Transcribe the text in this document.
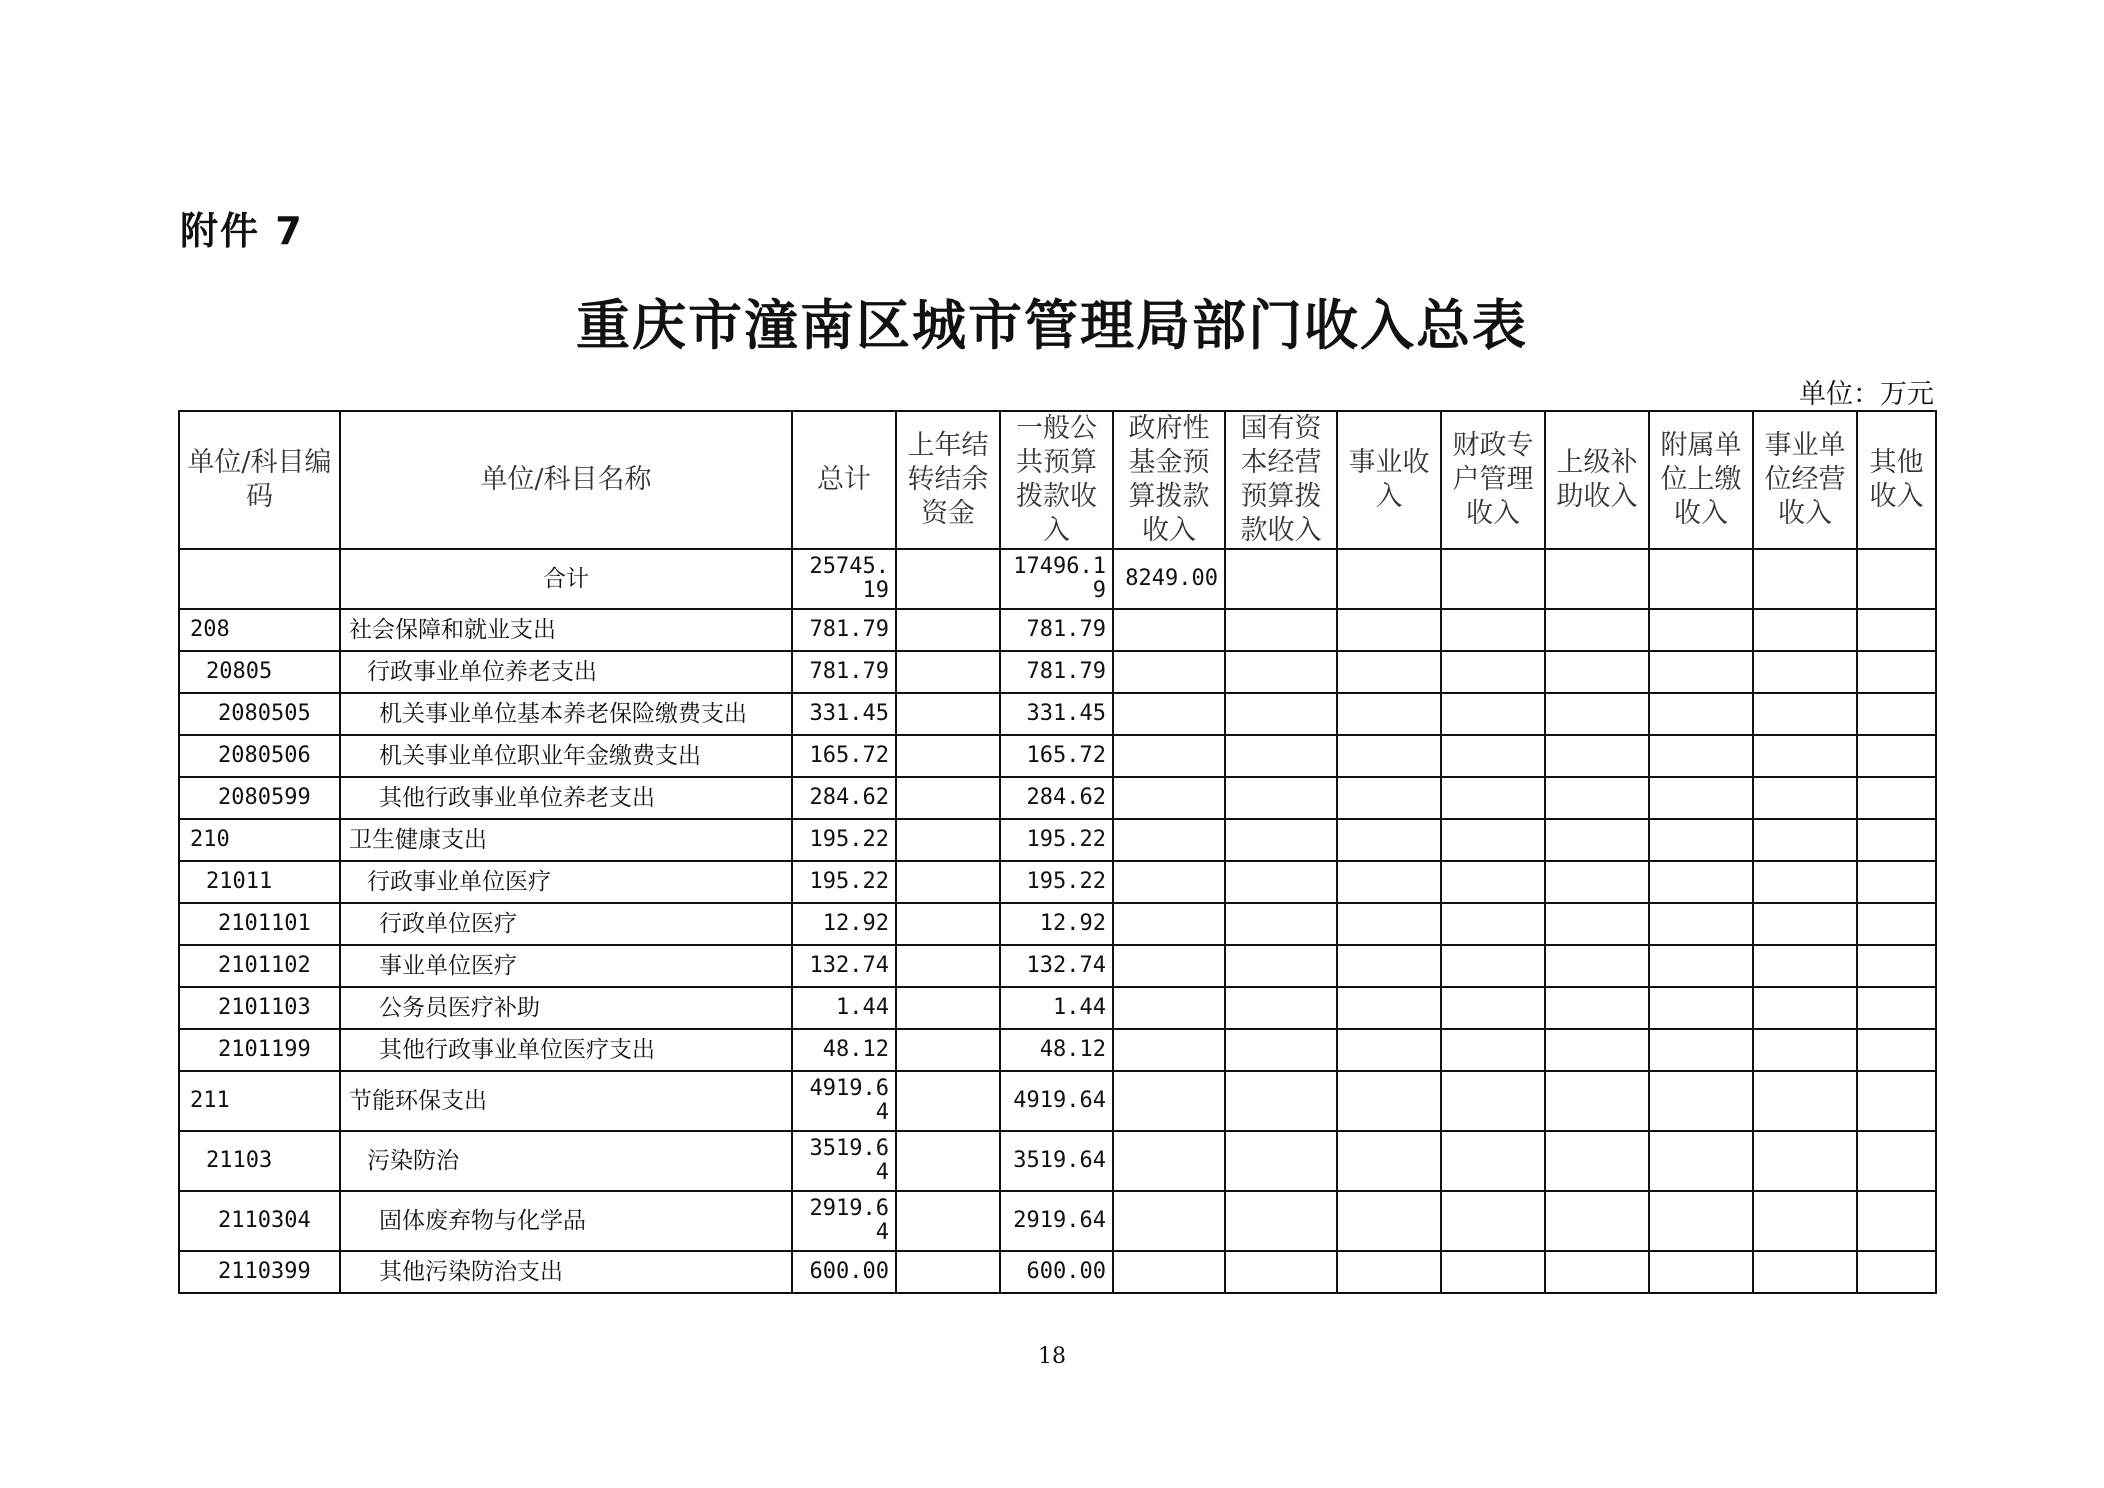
附件 7
重庆市潼南区城市管理局部门收入总表
单位：万元
单位/科目编码	单位/科目名称	总计	上年结转结余资金	一般公共预算拨款收入	政府性基金预算拨款收入	国有资本经营预算拨款收入	事业收入	财政专户管理收入	上级补助收入	附属单位上缴收入	事业单位经营收入	其他收入
	合计	25745.19		17496.19	8249.00							
208	社会保障和就业支出	781.79		781.79								
20805	行政事业单位养老支出	781.79		781.79								
2080505	机关事业单位基本养老保险缴费支出	331.45		331.45								
2080506	机关事业单位职业年金缴费支出	165.72		165.72								
2080599	其他行政事业单位养老支出	284.62		284.62								
210	卫生健康支出	195.22		195.22								
21011	行政事业单位医疗	195.22		195.22								
2101101	行政单位医疗	12.92		12.92								
2101102	事业单位医疗	132.74		132.74								
2101103	公务员医疗补助	1.44		1.44								
2101199	其他行政事业单位医疗支出	48.12		48.12								
211	节能环保支出	4919.64		4919.64								
21103	污染防治	3519.64		3519.64								
2110304	固体废弃物与化学品	2919.64		2919.64								
2110399	其他污染防治支出	600.00		600.00								
18
